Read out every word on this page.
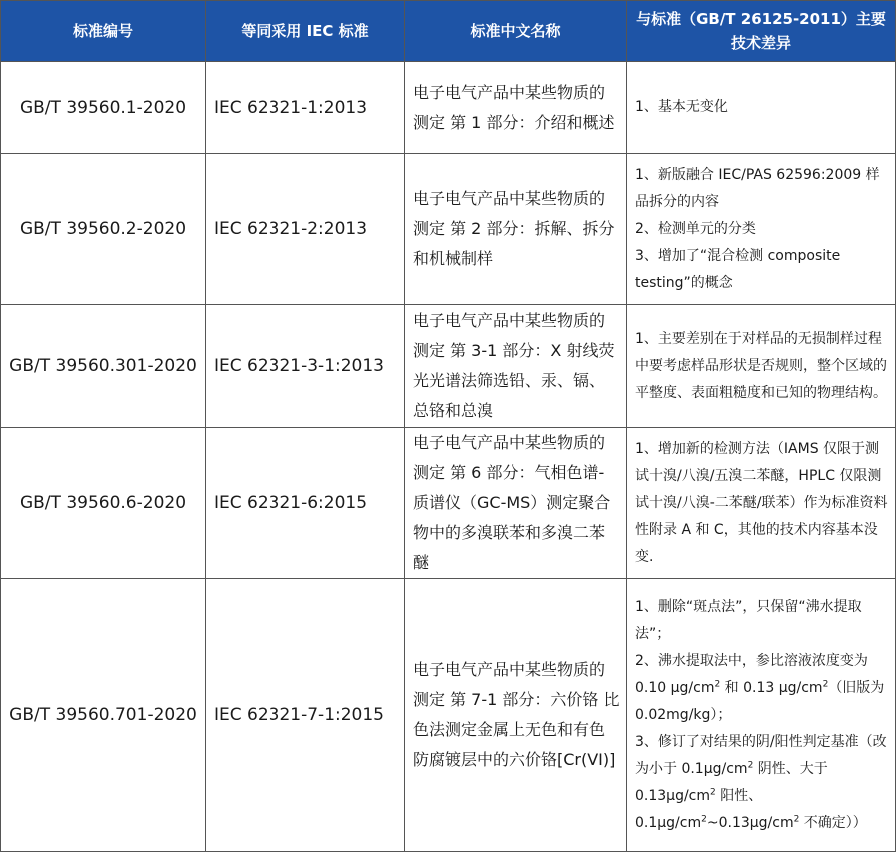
标准编号	等同采用 IEC 标准	标准中文名称	与标准（GB/T 26125-2011）主要技术差异
GB/T 39560.1-2020	IEC 62321-1:2013	电子电气产品中某些物质的测定 第 1 部分：介绍和概述	1、基本无变化

GB/T 39560.2-2020	IEC 62321-2:2013	电子电气产品中某些物质的测定 第 2 部分：拆解、拆分和机械制样	1、新版融合 IEC/PAS 62596:2009 样品拆分的内容
2、检测单元的分类
3、增加了“混合检测 composite testing”的概念

GB/T 39560.301-2020	IEC 62321-3-1:2013	电子电气产品中某些物质的测定 第 3-1 部分：X 射线荧光光谱法筛选铅、汞、镉、总铬和总溴	1、主要差别在于对样品的无损制样过程中要考虑样品形状是否规则，整个区域的平整度、表面粗糙度和已知的物理结构。

GB/T 39560.6-2020	IEC 62321-6:2015	电子电气产品中某些物质的测定 第 6 部分：气相色谱-质谱仪（GC-MS）测定聚合物中的多溴联苯和多溴二苯醚	1、增加新的检测方法（IAMS 仅限于测试十溴/八溴/五溴二苯醚，HPLC 仅限测试十溴/八溴-二苯醚/联苯）作为标准资料性附录 A 和 C，其他的技术内容基本没变.

GB/T 39560.701-2020	IEC 62321-7-1:2015	电子电气产品中某些物质的测定 第 7-1 部分：六价铬 比色法测定金属上无色和有色防腐镀层中的六价铬[Cr(VI)]	1、删除“斑点法”，只保留“沸水提取法”；
2、沸水提取法中，参比溶液浓度变为 0.10 $\mu g/cm^2$ 和 0.13 $\mu g/cm^2$（旧版为 0.02mg/kg）；
3、修订了对结果的阴/阳性判定基准（改为小于 $0.1\mu g/cm^2$ 阴性、大于 $0.13\mu g/cm^2$ 阳性、$0.1\mu g/cm^2\sim 0.13\mu g/cm^2$ 不确定））
